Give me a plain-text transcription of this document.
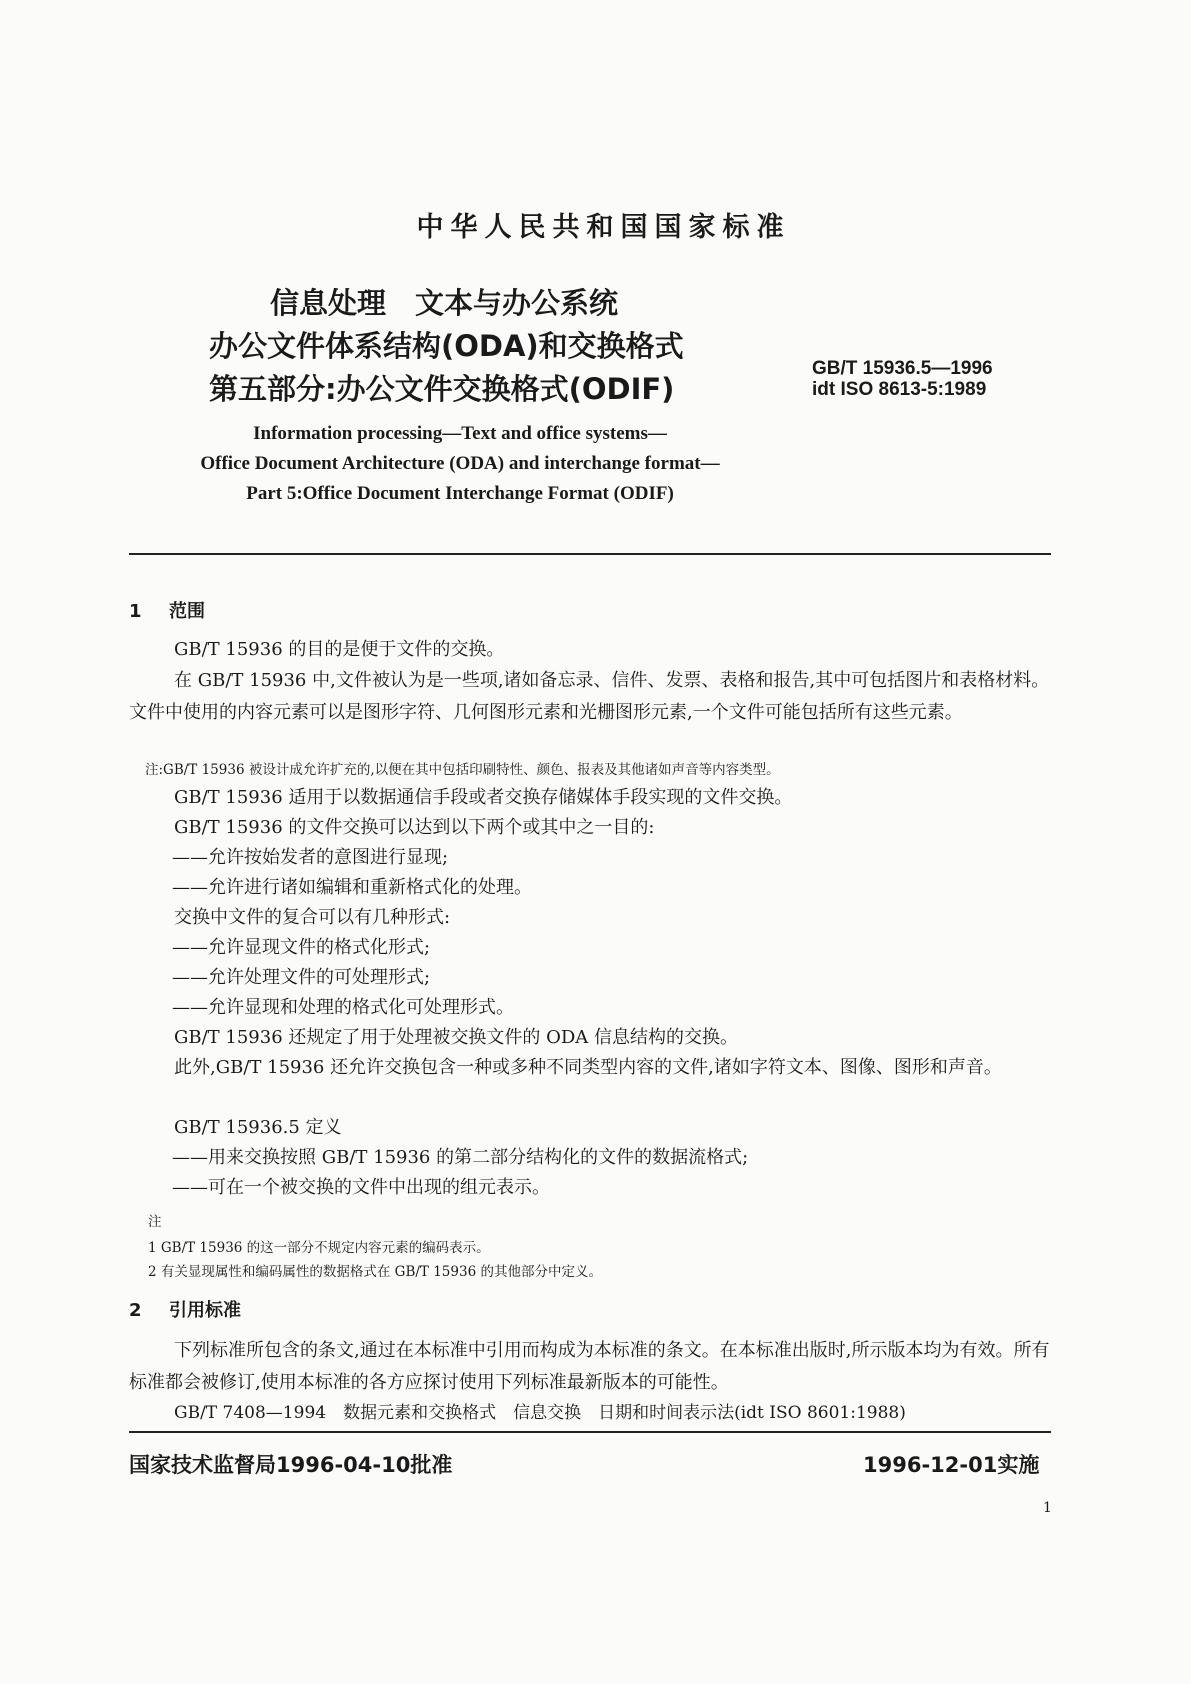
中华人民共和国国家标准
信息处理　文本与办公系统
办公文件体系结构(ODA)和交换格式
第五部分:办公文件交换格式(ODIF)
GB/T 15936.5—1996
idt ISO 8613-5:1989
Information processing—Text and office systems—
Office Document Architecture (ODA) and interchange format—
Part 5:Office Document Interchange Format (ODIF)
1 范围
GB/T 15936 的目的是便于文件的交换。
在 GB/T 15936 中,文件被认为是一些项,诸如备忘录、信件、发票、表格和报告,其中可包括图片和表格材料。文件中使用的内容元素可以是图形字符、几何图形元素和光栅图形元素,一个文件可能包括所有这些元素。
注:GB/T 15936 被设计成允许扩充的,以便在其中包括印刷特性、颜色、报表及其他诸如声音等内容类型。
GB/T 15936 适用于以数据通信手段或者交换存储媒体手段实现的文件交换。
GB/T 15936 的文件交换可以达到以下两个或其中之一目的:
——允许按始发者的意图进行显现;
——允许进行诸如编辑和重新格式化的处理。
交换中文件的复合可以有几种形式:
——允许显现文件的格式化形式;
——允许处理文件的可处理形式;
——允许显现和处理的格式化可处理形式。
GB/T 15936 还规定了用于处理被交换文件的 ODA 信息结构的交换。
此外,GB/T 15936 还允许交换包含一种或多种不同类型内容的文件,诸如字符文本、图像、图形和声音。
GB/T 15936.5 定义
——用来交换按照 GB/T 15936 的第二部分结构化的文件的数据流格式;
——可在一个被交换的文件中出现的组元表示。
注
1 GB/T 15936 的这一部分不规定内容元素的编码表示。
2 有关显现属性和编码属性的数据格式在 GB/T 15936 的其他部分中定义。
2 引用标准
下列标准所包含的条文,通过在本标准中引用而构成为本标准的条文。在本标准出版时,所示版本均为有效。所有标准都会被修订,使用本标准的各方应探讨使用下列标准最新版本的可能性。
GB/T 7408—1994　数据元素和交换格式　信息交换　日期和时间表示法(idt ISO 8601:1988)
国家技术监督局1996-04-10批准	1996-12-01实施
1
